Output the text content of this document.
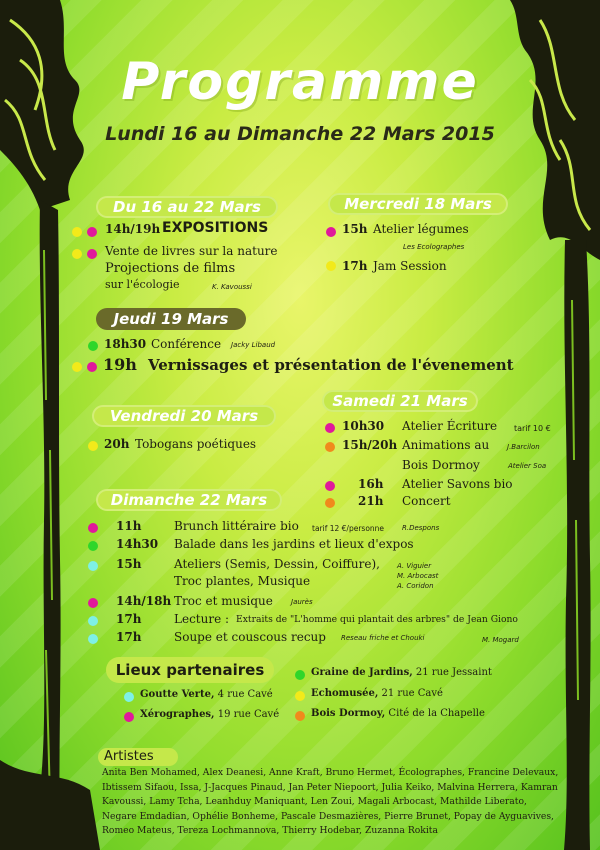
Programme
Lundi 16 au Dimanche 22 Mars 2015
Du 16 au 22 Mars
14h/19h EXPOSITIONS
Vente de livres sur la nature
Projections de films
sur l'écologie	K. Kavoussi
Mercredi 18 Mars
15h Atelier légumes
Les Ecolographes
17h Jam Session
Jeudi 19 Mars
18h30 Conférence Jacky Libaud
19h Vernissages et présentation de l'évenement
Vendredi 20 Mars
20h Tobogans poétiques
Samedi 21 Mars
10h30 Atelier Écriture tarif 10 €
15h/20h Animations au	J.Barcilon
Bois Dormoy	Atelier Soa
16h Atelier Savons bio
21h Concert
Dimanche 22 Mars
11h	Brunch littéraire bio tarif 12 €/personne	R.Despons
14h30 Balade dans les jardins et lieux d'expos
15h	Ateliers (Semis, Dessin, Coiffure), A. Viguier
M. Arbocast
A. Coridon
Troc plantes, Musique
14h/18h Troc et musique	Jaurès
17h	Lecture : Extraits de "L'homme qui plantait des arbres" de Jean Giono
17h	Soupe et couscous recup Reseau friche et Chouki	M. Mogard
Lieux partenaires
Goutte Verte, 4 rue Cavé
Xérographes, 19 rue Cavé
Graine de Jardins, 21 rue Jessaint
Echomusée, 21 rue Cavé
Bois Dormoy, Cité de la Chapelle
Artistes
Anita Ben Mohamed, Alex Deanesi, Anne Kraft, Bruno Hermet, Écolographes, Francine Delevaux, Ibtissem Sifaou, Issa, J-Jacques Pinaud, Jan Peter Niepoort, Julia Keiko, Malvina Herrera, Kamran Kavoussi, Lamy Tcha, Leanhduy Maniquant, Len Zoui, Magali Arbocast, Mathilde Liberato, Negare Emdadian, Ophélie Bonheme, Pascale Desmazières, Pierre Brunet, Popay de Ayguavives, Romeo Mateus, Tereza Lochmannova, Thierry Hodebar, Zuzanna Rokita
